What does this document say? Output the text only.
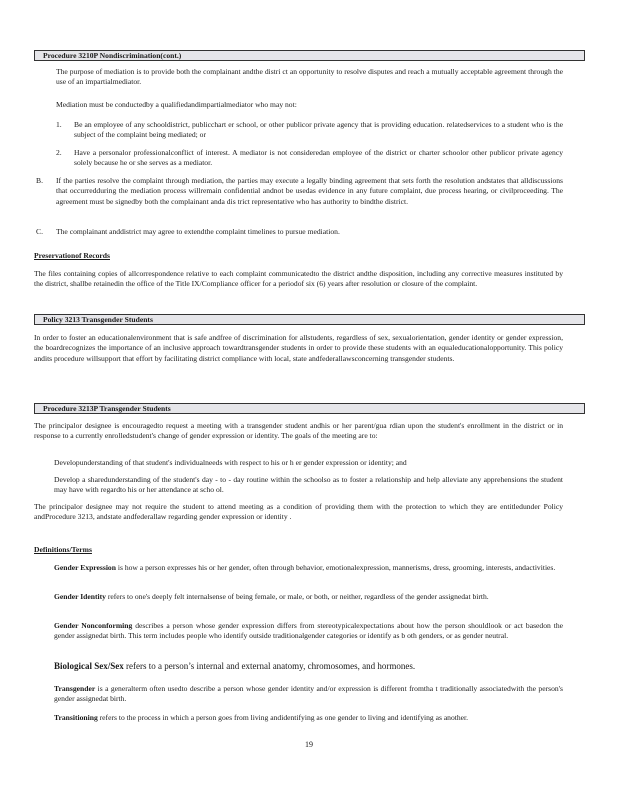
Procedure 3210P Nondiscrimination(cont.)
The purpose of mediation is to provide both the complainant andthe distri ct an opportunity to resolve disputes and reach a mutually acceptable agreement through the use of an impartialmediator.
Mediation must be conductedby a qualifiedandimpartialmediator who may not:
1. Be an employee of any schooldistrict, publicchart er school, or other publicor private agency that is providing education. relatedservices to a student who is the subject of the complaint being mediated; or
2. Have a personalor professionalconflict of interest. A mediator is not consideredan employee of the district or charter schoolor other publicor private agency solely because he or she serves as a mediator.
B. If the parties resolve the complaint through mediation, the parties may execute a legally binding agreement that sets forth the resolution andstates that alldiscussions that occurredduring the mediation process willremain confidential andnot be usedas evidence in any future complaint, due process hearing, or civilproceeding. The agreement must be signedby both the complainant anda dis trict representative who has authority to bindthe district.
C. The complainant anddistrict may agree to extendthe complaint timelines to pursue mediation.
Preservationof Records
The files containing copies of allcorrespondence relative to each complaint communicatedto the district andthe disposition, including any corrective measures instituted by the district, shallbe retainedin the office of the Title IX/Compliance officer for a periodof six (6) years after resolution or closure of the complaint.
Policy 3213 Transgender Students
In order to foster an educationalenvironment that is safe andfree of discrimination for allstudents, regardless of sex, sexualorientation, gender identity or gender expression, the boardrecognizes the importance of an inclusive approach towardtransgender students in order to provide these students with an equaleducationalopportunity. This policy andits procedure willsupport that effort by facilitating district compliance with local, state andfederallawsconcerning transgender students.
Procedure 3213P Transgender Students
The principalor designee is encouragedto request a meeting with a transgender student andhis or her parent/gua rdian upon the student's enrollment in the district or in response to a currently enrolledstudent's change of gender expression or identity. The goals of the meeting are to:
Developunderstanding of that student's individualneeds with respect to his or h er gender expression or identity; and
Develop a sharedunderstanding of the student's day - to - day routine within the schoolso as to foster a relationship and help alleviate any apprehensions the student may have with regardto his or her attendance at scho ol.
The principalor designee may not require the student to attend meeting as a condition of providing them with the protection to which they are entitledunder Policy andProcedure 3213, andstate andfederallaw regarding gender expression or identity .
Definitions/Terms
Gender Expression is how a person expresses his or her gender, often through behavior, emotionalexpression, mannerisms, dress, grooming, interests, andactivities.
Gender Identity refers to one's deeply felt internalsense of being female, or male, or both, or neither, regardless of the gender assignedat birth.
Gender Nonconforming describes a person whose gender expression differs from stereotypicalexpectations about how the person shouldlook or act basedon the gender assignedat birth. This term includes people who identify outside traditionalgender categories or identify as b oth genders, or as gender neutral.
Biological Sex/Sex refers to a person’s internal and external anatomy, chromosomes, and hormones.
Transgender is a generalterm often usedto describe a person whose gender identity and/or expression is different fromtha t traditionally associatedwith the person's gender assignedat birth.
Transitioning refers to the process in which a person goes from living andidentifying as one gender to living and identifying as another.
19
